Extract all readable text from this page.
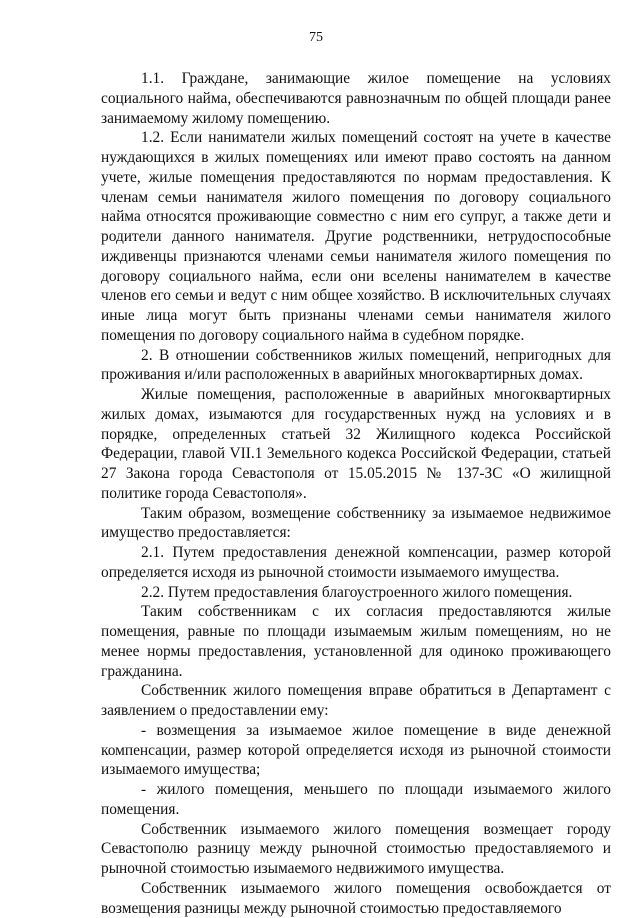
75

1.1. Граждане, занимающие жилое помещение на условиях социального найма, обеспечиваются равнозначным по общей площади ранее занимаемому жилому помещению.

1.2. Если наниматели жилых помещений состоят на учете в качестве нуждающихся в жилых помещениях или имеют право состоять на данном учете, жилые помещения предоставляются по нормам предоставления. К членам семьи нанимателя жилого помещения по договору социального найма относятся проживающие совместно с ним его супруг, а также дети и родители данного нанимателя. Другие родственники, нетрудоспособные иждивенцы признаются членами семьи нанимателя жилого помещения по договору социального найма, если они вселены нанимателем в качестве членов его семьи и ведут с ним общее хозяйство. В исключительных случаях иные лица могут быть признаны членами семьи нанимателя жилого помещения по договору социального найма в судебном порядке.

2. В отношении собственников жилых помещений, непригодных для проживания и/или расположенных в аварийных многоквартирных домах.

Жилые помещения, расположенные в аварийных многоквартирных жилых домах, изымаются для государственных нужд на условиях и в порядке, определенных статьей 32 Жилищного кодекса Российской Федерации, главой VII.1 Земельного кодекса Российской Федерации, статьей 27 Закона города Севастополя от 15.05.2015 № 137-ЗС «О жилищной политике города Севастополя».

Таким образом, возмещение собственнику за изымаемое недвижимое имущество предоставляется:

2.1. Путем предоставления денежной компенсации, размер которой определяется исходя из рыночной стоимости изымаемого имущества.

2.2. Путем предоставления благоустроенного жилого помещения.

Таким собственникам с их согласия предоставляются жилые помещения, равные по площади изымаемым жилым помещениям, но не менее нормы предоставления, установленной для одиноко проживающего гражданина.

Собственник жилого помещения вправе обратиться в Департамент с заявлением о предоставлении ему:

- возмещения за изымаемое жилое помещение в виде денежной компенсации, размер которой определяется исходя из рыночной стоимости изымаемого имущества;

- жилого помещения, меньшего по площади изымаемого жилого помещения.

Собственник изымаемого жилого помещения возмещает городу Севастополю разницу между рыночной стоимостью предоставляемого и рыночной стоимостью изымаемого недвижимого имущества.

Собственник изымаемого жилого помещения освобождается от возмещения разницы между рыночной стоимостью предоставляемого
